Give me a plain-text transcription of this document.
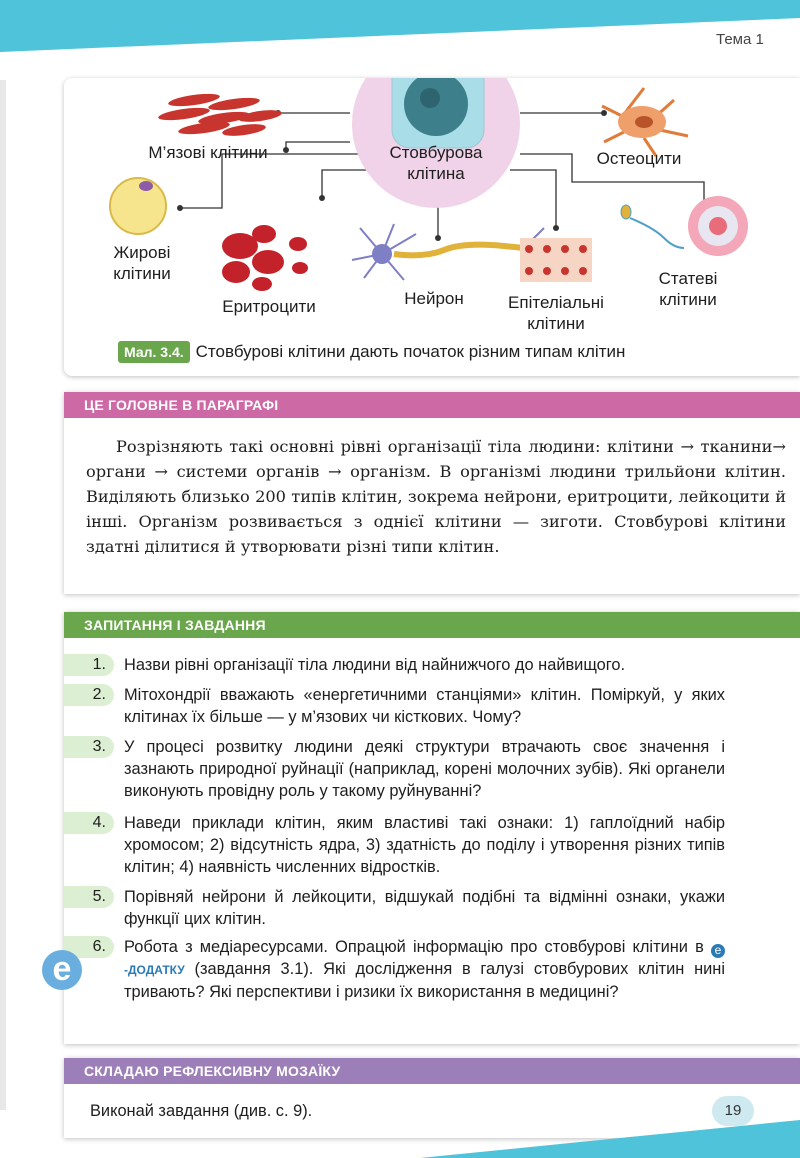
Тема 1
Стовбурова
клітина
М’язові клітини
Жирові
клітини
Еритроцити	Нейрон	Епітеліальні
клітини
Остеоцити
Статеві
клітини
Мал. 3.4. Стовбурові клітини дають початок різним типам клітин
ЦЕ ГОЛОВНЕ В ПАРАГРАФІ
Розрізняють такі основні рівні організації тіла людини: клітини → тканини→ органи → системи органів → організм. В організмі людини трильйони клітин. Виділяють близько 200 типів клітин, зокрема нейрони, еритроцити, лейкоцити й інші. Організм розвивається з однієї клітини — зиготи. Стовбурові клітини здатні ділитися й утворювати різні типи клітин.
ЗАПИТАННЯ І ЗАВДАННЯ
1.	Назви рівні організації тіла людини від найнижчого до найвищого.
2.	Мітохондрії вважають «енергетичними станціями» клітин. Поміркуй, у яких клітинах їх більше — у м’язових чи кісткових. Чому?
3.	У процесі розвитку людини деякі структури втрачають своє значення і зазнають природної руйнації (наприклад, корені молочних зубів). Які органели виконують провідну роль у такому руйнуванні?
4.	Наведи приклади клітин, яким властиві такі ознаки: 1) гаплоїдний набір хромосом; 2) відсутність ядра, 3) здатність до поділу і утворення різних типів клітин; 4) наявність численних відростків.
5.	Порівняй нейрони й лейкоцити, відшукай подібні та відмінні ознаки, укажи функції цих клітин.
6.	Робота з медіаресурсами. Опрацюй інформацію про стовбурові клітини в е-ДОДАТКУ (завдання 3.1). Які дослідження в галузі стовбурових клітин нині тривають? Які перспективи і ризики їх використання в медицині?
е
СКЛАДАЮ РЕФЛЕКСИВНУ МОЗАЇКУ
Виконай завдання (див. с. 9).	19
